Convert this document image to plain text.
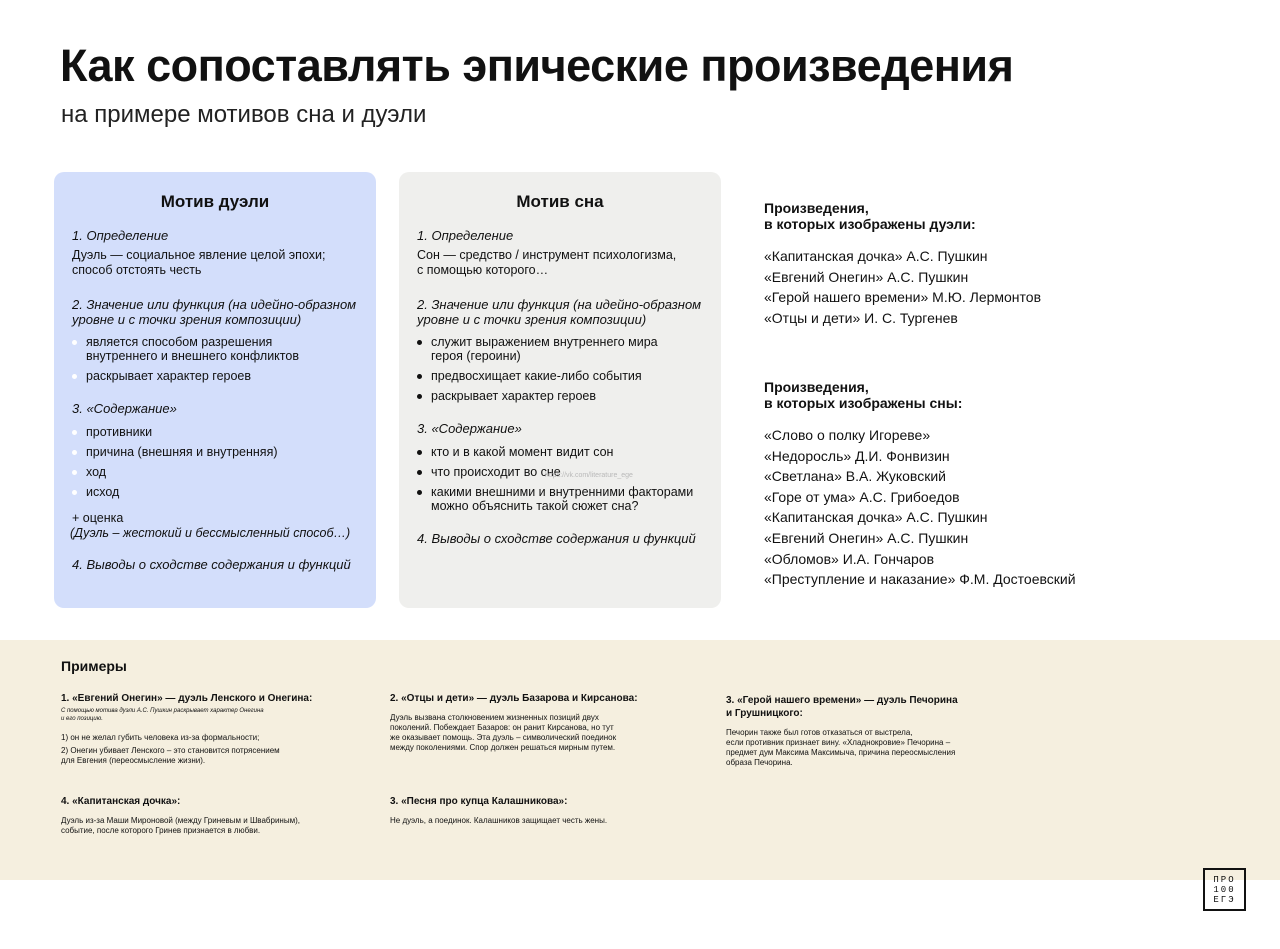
Как сопоставлять эпические произведения

на примере мотивов сна и дуэли

Мотив дуэли

1. Определение

Дуэль — социальное явление целой эпохи;
способ отстоять честь
2. Значение или функция (на идейно-образном
уровне и с точки зрения композиции)
является способом разрешения внутреннего и внешнего конфликтов
раскрывает характер героев

3. «Содержание»

противники
причина (внешняя и внутренняя)
ход
исход
+ оценка
(Дуэль – жестокий и бессмысленный способ…)

4. Выводы о сходстве содержания и функций

Мотив сна

1. Определение

Сон — средство / инструмент психологизма,
с помощью которого…
2. Значение или функция (на идейно-образном
уровне и с точки зрения композиции)
служит выражением внутреннего мира героя (героини)
предвосхищает какие-либо события
раскрывает характер героев

3. «Содержание»

кто и в какой момент видит сон
что происходит во сне
какими внешними и внутренними факторами можно объяснить такой сюжет сна?

4. Выводы о сходстве содержания и функций

https://vk.com/literature_ege

Произведения,
в которых изображены дуэли:

«Капитанская дочка» А.С. Пушкин
«Евгений Онегин» А.С. Пушкин
«Герой нашего времени» М.Ю. Лермонтов
«Отцы и дети» И. С. Тургенев

Произведения,
в которых изображены сны:

«Слово о полку Игореве»
«Недоросль» Д.И. Фонвизин
«Светлана» В.А. Жуковский
«Горе от ума» А.С. Грибоедов
«Капитанская дочка» А.С. Пушкин
«Евгений Онегин» А.С. Пушкин
«Обломов» И.А. Гончаров
«Преступление и наказание» Ф.М. Достоевский

Примеры

1. «Евгений Онегин» — дуэль Ленского и Онегина:

С помощью мотива дуэли А.С. Пушкин раскрывает характер Онегина
и его позицию.

1) он не желал губить человека из-за формальности;

2) Онегин убивает Ленского – это становится потрясением
для Евгения (переосмысление жизни).

2. «Отцы и дети» — дуэль Базарова и Кирсанова:

Дуэль вызвана столкновением жизненных позиций двух
поколений. Побеждает Базаров: он ранит Кирсанова, но тут
же оказывает помощь. Эта дуэль – символический поединок
между поколениями. Спор должен решаться мирным путем.
3. «Герой нашего времени» — дуэль Печорина
и Грушницкого:
Печорин также был готов отказаться от выстрела,
если противник признает вину. «Хладнокровие» Печорина –
предмет дум Максима Максимыча, причина переосмысления
образа Печорина.

4. «Капитанская дочка»:

Дуэль из-за Маши Мироновой (между Гриневым и Швабриным),
событие, после которого Гринев признается в любви.

3. «Песня про купца Калашникова»:

Не дуэль, а поединок. Калашников защищает честь жены.

ПРО
100
ЕГЭ
